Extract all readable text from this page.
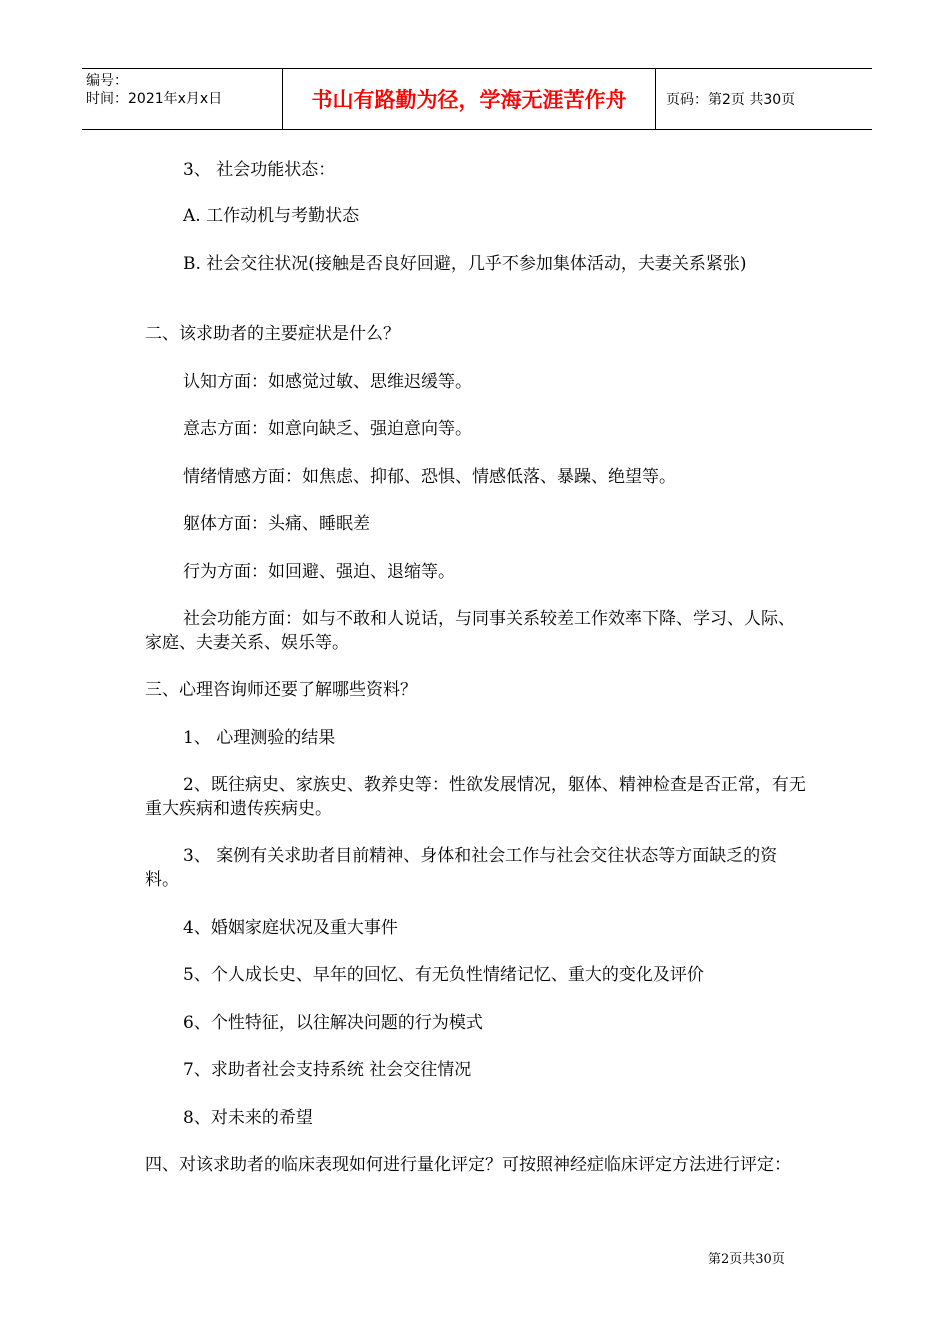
编号：
时间：2021年x月x日	书山有路勤为径，学海无涯苦作舟	页码：第2页 共30页
3、 社会功能状态：
A. 工作动机与考勤状态
B. 社会交往状况(接触是否良好回避，几乎不参加集体活动，夫妻关系紧张)
二、该求助者的主要症状是什么？
认知方面：如感觉过敏、思维迟缓等。
意志方面：如意向缺乏、强迫意向等。
情绪情感方面：如焦虑、抑郁、恐惧、情感低落、暴躁、绝望等。
躯体方面：头痛、睡眠差
行为方面：如回避、强迫、退缩等。
社会功能方面：如与不敢和人说话，与同事关系较差工作效率下降、学习、人际、家庭、夫妻关系、娱乐等。
三、心理咨询师还要了解哪些资料？
1、 心理测验的结果
2、既往病史、家族史、教养史等：性欲发展情况，躯体、精神检查是否正常，有无重大疾病和遗传疾病史。
3、 案例有关求助者目前精神、身体和社会工作与社会交往状态等方面缺乏的资料。
4、婚姻家庭状况及重大事件
5、个人成长史、早年的回忆、有无负性情绪记忆、重大的变化及评价
6、个性特征，以往解决问题的行为模式
7、求助者社会支持系统 社会交往情况
8、对未来的希望
四、对该求助者的临床表现如何进行量化评定？可按照神经症临床评定方法进行评定：
第2页共30页
